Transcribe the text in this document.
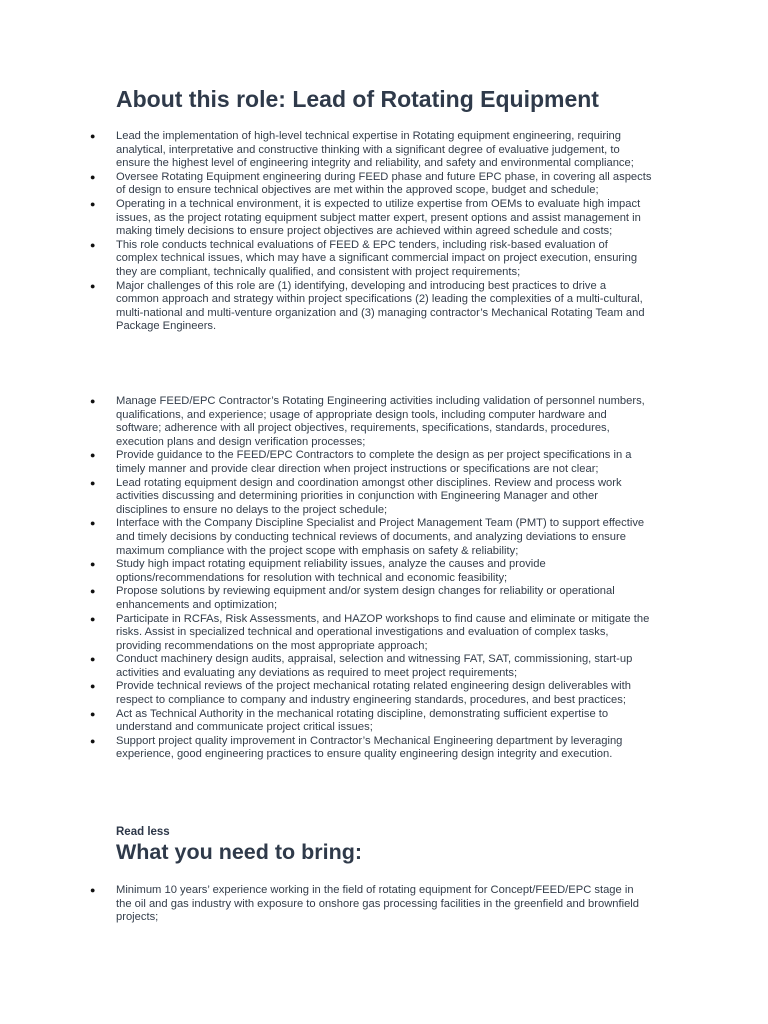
About this role: Lead of Rotating Equipment
● Lead the implementation of high-level technical expertise in Rotating equipment engineering, requiring analytical, interpretative and constructive thinking with a significant degree of evaluative judgement, to ensure the highest level of engineering integrity and reliability, and safety and environmental compliance;
● Oversee Rotating Equipment engineering during FEED phase and future EPC phase, in covering all aspects of design to ensure technical objectives are met within the approved scope, budget and schedule;
● Operating in a technical environment, it is expected to utilize expertise from OEMs to evaluate high impact issues, as the project rotating equipment subject matter expert, present options and assist management in making timely decisions to ensure project objectives are achieved within agreed schedule and costs;
● This role conducts technical evaluations of FEED & EPC tenders, including risk-based evaluation of complex technical issues, which may have a significant commercial impact on project execution, ensuring they are compliant, technically qualified, and consistent with project requirements;
● Major challenges of this role are (1) identifying, developing and introducing best practices to drive a common approach and strategy within project specifications (2) leading the complexities of a multi-cultural, multi-national and multi-venture organization and (3) managing contractor’s Mechanical Rotating Team and Package Engineers.
● Manage FEED/EPC Contractor’s Rotating Engineering activities including validation of personnel numbers, qualifications, and experience; usage of appropriate design tools, including computer hardware and software; adherence with all project objectives, requirements, specifications, standards, procedures, execution plans and design verification processes;
● Provide guidance to the FEED/EPC Contractors to complete the design as per project specifications in a timely manner and provide clear direction when project instructions or specifications are not clear;
● Lead rotating equipment design and coordination amongst other disciplines. Review and process work activities discussing and determining priorities in conjunction with Engineering Manager and other disciplines to ensure no delays to the project schedule;
● Interface with the Company Discipline Specialist and Project Management Team (PMT) to support effective and timely decisions by conducting technical reviews of documents, and analyzing deviations to ensure maximum compliance with the project scope with emphasis on safety & reliability;
● Study high impact rotating equipment reliability issues, analyze the causes and provide options/recommendations for resolution with technical and economic feasibility;
● Propose solutions by reviewing equipment and/or system design changes for reliability or operational enhancements and optimization;
● Participate in RCFAs, Risk Assessments, and HAZOP workshops to find cause and eliminate or mitigate the risks. Assist in specialized technical and operational investigations and evaluation of complex tasks, providing recommendations on the most appropriate approach;
● Conduct machinery design audits, appraisal, selection and witnessing FAT, SAT, commissioning, start-up activities and evaluating any deviations as required to meet project requirements;
● Provide technical reviews of the project mechanical rotating related engineering design deliverables with respect to compliance to company and industry engineering standards, procedures, and best practices;
● Act as Technical Authority in the mechanical rotating discipline, demonstrating sufficient expertise to understand and communicate project critical issues;
● Support project quality improvement in Contractor’s Mechanical Engineering department by leveraging experience, good engineering practices to ensure quality engineering design integrity and execution.
Read less
What you need to bring:
● Minimum 10 years’ experience working in the field of rotating equipment for Concept/FEED/EPC stage in the oil and gas industry with exposure to onshore gas processing facilities in the greenfield and brownfield projects;
